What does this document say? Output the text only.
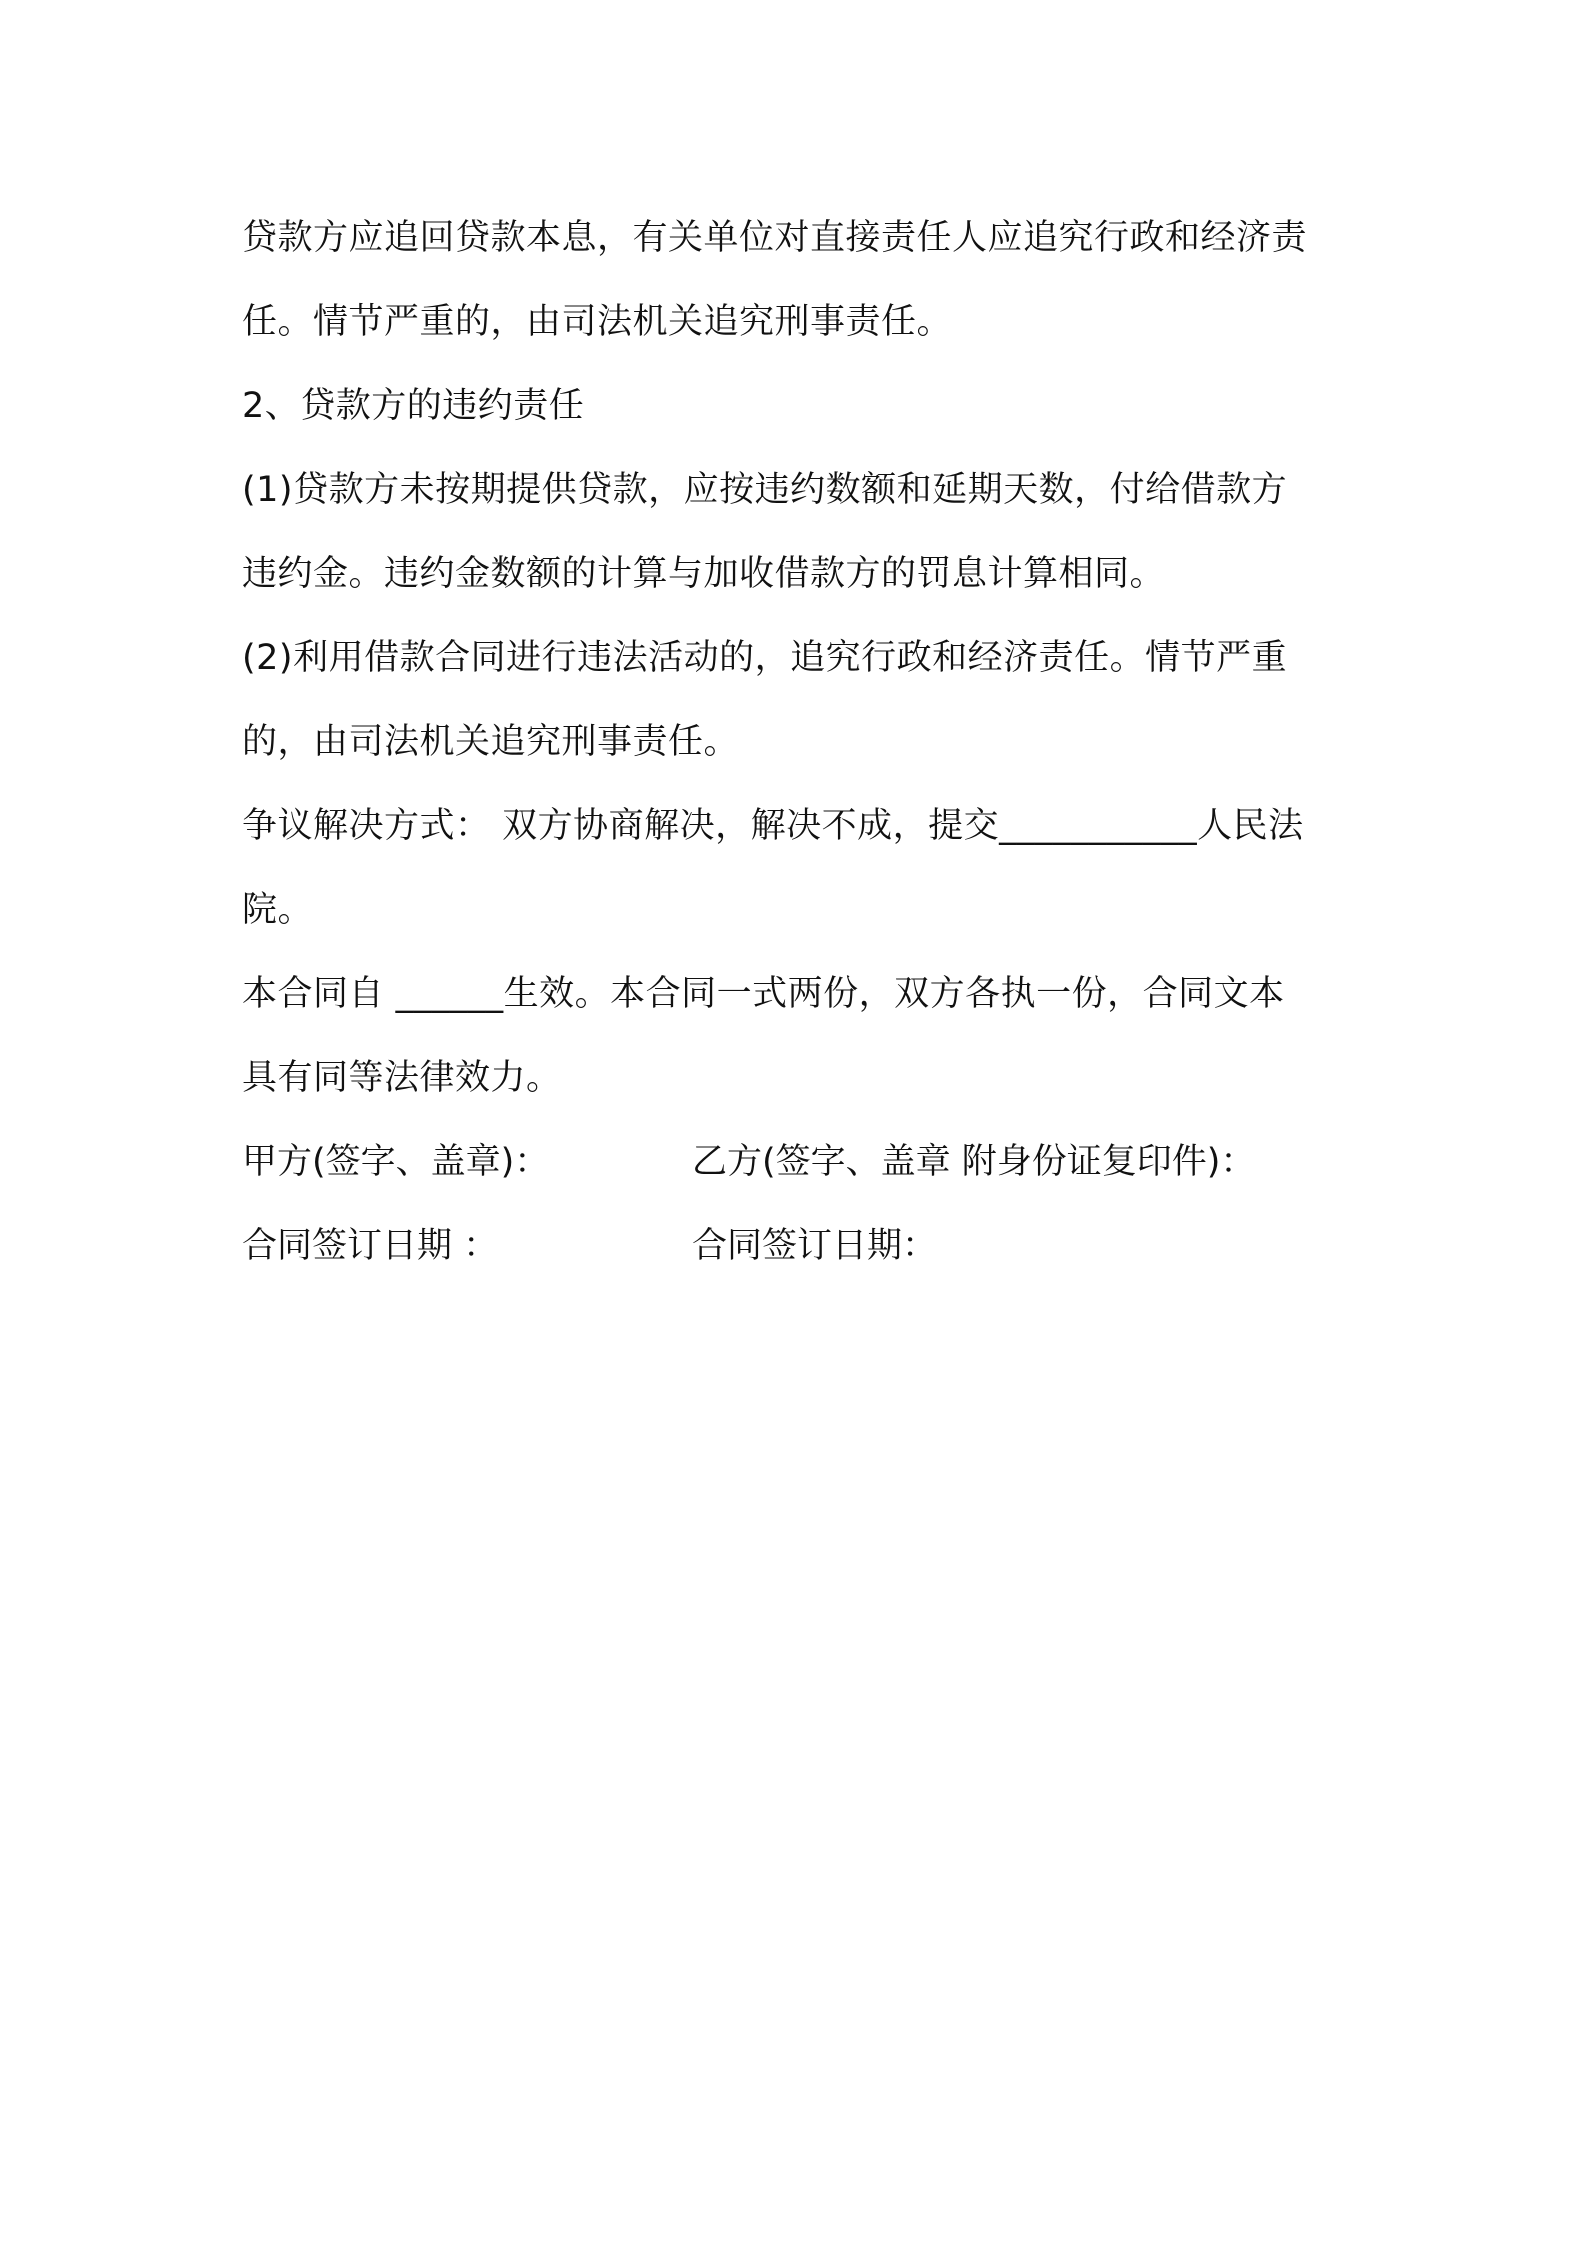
贷款方应追回贷款本息，有关单位对直接责任人应追究行政和经济责
任。情节严重的，由司法机关追究刑事责任。
2、贷款方的违约责任
(1)贷款方未按期提供贷款，应按违约数额和延期天数，付给借款方
违约金。违约金数额的计算与加收借款方的罚息计算相同。
(2)利用借款合同进行违法活动的，追究行政和经济责任。情节严重
的，由司法机关追究刑事责任。
争议解决方式： 双方协商解决，解决不成，提交___________人民法
院。
本合同自 ______生效。本合同一式两份，双方各执一份，合同文本
具有同等法律效力。
甲方(签字、盖章)：	乙方(签字、盖章 附身份证复印件)：
合同签订日期 ：	合同签订日期：
